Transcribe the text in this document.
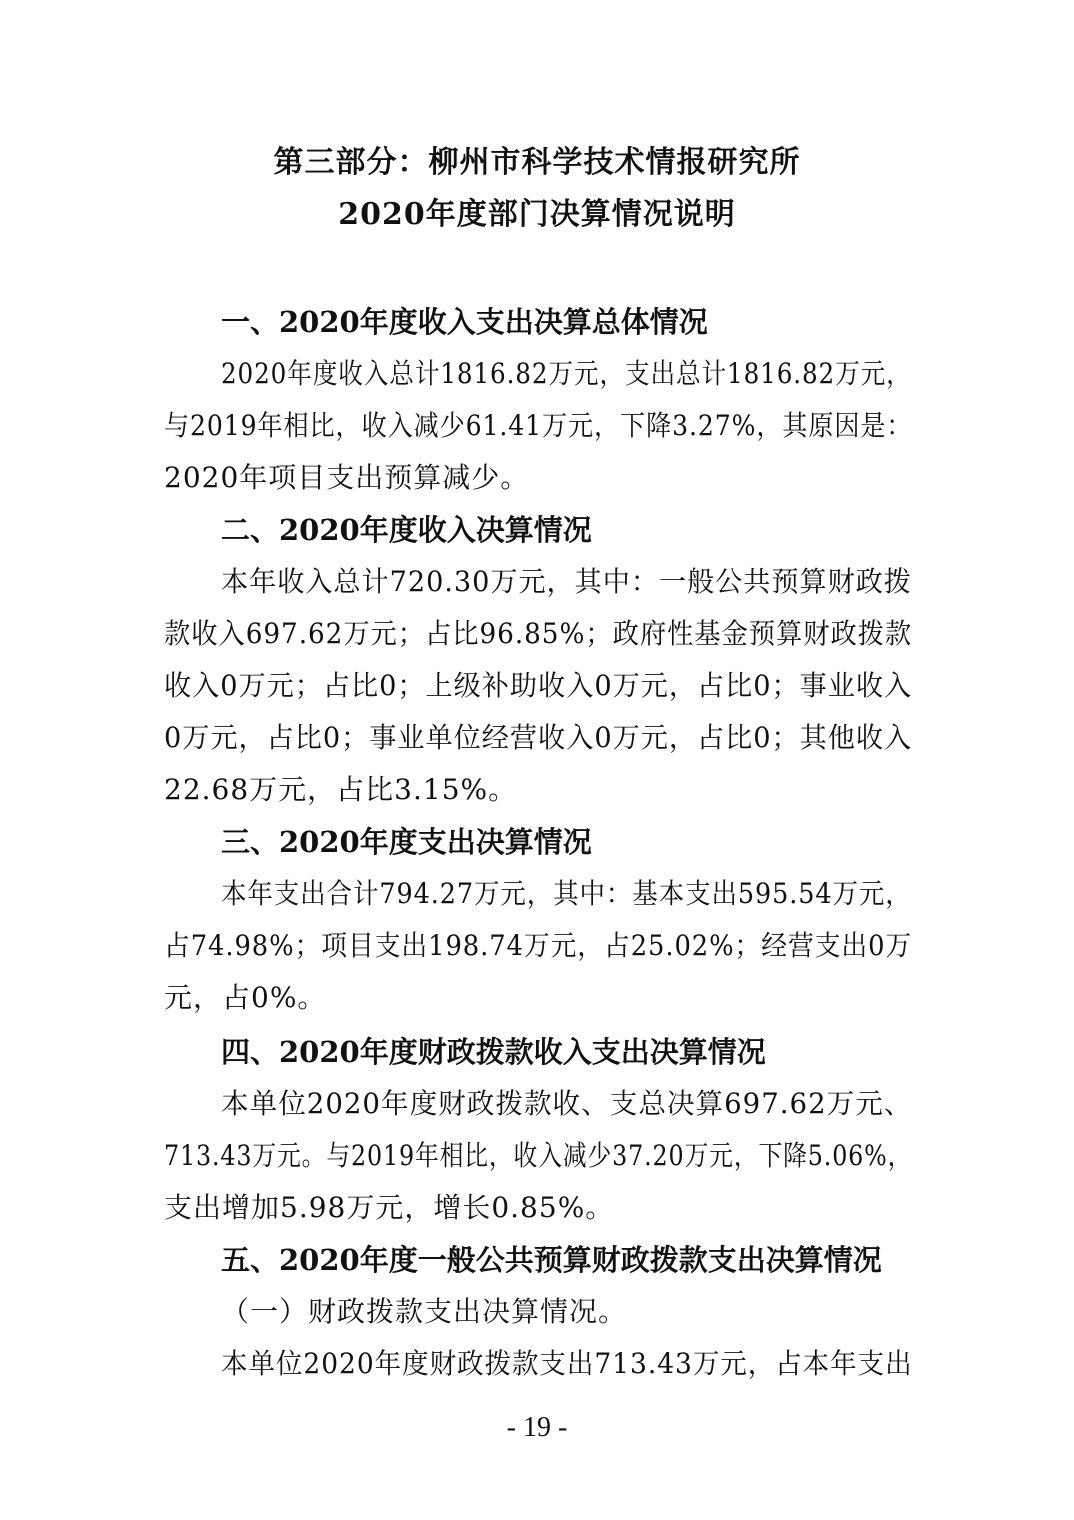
第三部分：柳州市科学技术情报研究所
2020年度部门决算情况说明
一、2020年度收入支出决算总体情况
2020年度收入总计1816.82万元，支出总计1816.82万元，
与2019年相比，收入减少61.41万元，下降3.27%，其原因是：
2020年项目支出预算减少。
二、2020年度收入决算情况
本年收入总计720.30万元，其中：一般公共预算财政拨
款收入697.62万元；占比96.85%；政府性基金预算财政拨款
收入0万元；占比0；上级补助收入0万元，占比0；事业收入
0万元，占比0；事业单位经营收入0万元，占比0；其他收入
22.68万元，占比3.15%。
三、2020年度支出决算情况
本年支出合计794.27万元，其中：基本支出595.54万元，
占74.98%；项目支出198.74万元，占25.02%；经营支出0万
元，占0%。
四、2020年度财政拨款收入支出决算情况
本单位2020年度财政拨款收、支总决算697.62万元、
713.43万元。与2019年相比，收入减少37.20万元，下降5.06%，
支出增加5.98万元，增长0.85%。
五、2020年度一般公共预算财政拨款支出决算情况
（一）财政拨款支出决算情况。
本单位2020年度财政拨款支出713.43万元，占本年支出
- 19 -
